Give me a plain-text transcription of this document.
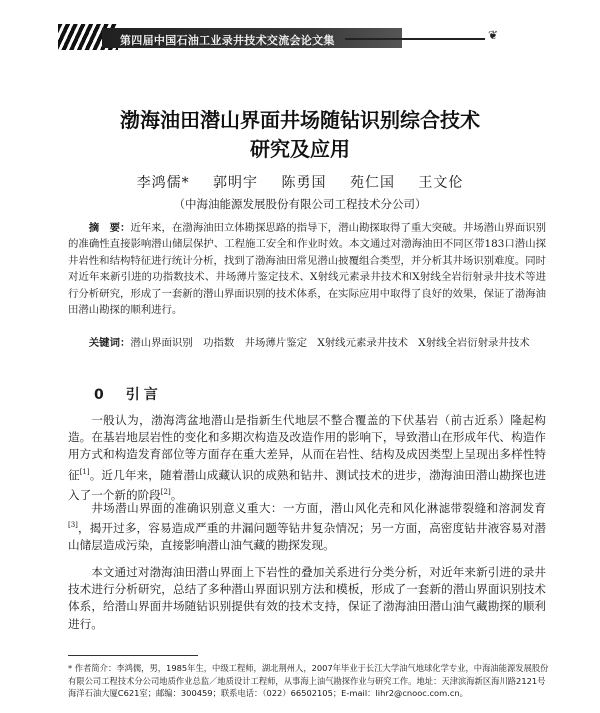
第四届中国石油工业录井技术交流会论文集	❦
渤海油田潜山界面井场随钻识别综合技术
研究及应用
李鸿儒* 郭明宇 陈勇国 苑仁国 王文伦
（中海油能源发展股份有限公司工程技术分公司）
摘　要：近年来，在渤海油田立体勘探思路的指导下，潜山勘探取得了重大突破。井场潜山界面识别的准确性直接影响潜山储层保护、工程施工安全和作业时效。本文通过对渤海油田不同区带183口潜山探井岩性和结构特征进行统计分析，找到了渤海油田常见潜山披覆组合类型，并分析其井场识别难度。同时对近年来新引进的功指数技术、井场薄片鉴定技术、X射线元素录井技术和X射线全岩衍射录井技术等进行分析研究，形成了一套新的潜山界面识别的技术体系，在实际应用中取得了良好的效果，保证了渤海油田潜山勘探的顺利进行。
关键词：潜山界面识别　功指数　井场薄片鉴定　X射线元素录井技术　X射线全岩衍射录井技术
0　 引言
一般认为，渤海湾盆地潜山是指新生代地层不整合覆盖的下伏基岩（前古近系）隆起构造。在基岩地层岩性的变化和多期次构造及改造作用的影响下，导致潜山在形成年代、构造作用方式和构造发育部位等方面存在重大差异，从而在岩性、结构及成因类型上呈现出多样性特征[1]。近几年来，随着潜山成藏认识的成熟和钻井、测试技术的进步，渤海油田潜山勘探也进入了一个新的阶段[2]。
井场潜山界面的准确识别意义重大：一方面，潜山风化壳和风化淋滤带裂缝和溶洞发育[3]，揭开过多，容易造成严重的井漏问题等钻井复杂情况；另一方面，高密度钻井液容易对潜山储层造成污染，直接影响潜山油气藏的勘探发现。
本文通过对渤海油田潜山界面上下岩性的叠加关系进行分类分析，对近年来新引进的录井技术进行分析研究，总结了多种潜山界面识别方法和模板，形成了一套新的潜山界面识别技术体系，给潜山界面井场随钻识别提供有效的技术支持，保证了渤海油田潜山油气藏勘探的顺利进行。
* 作者简介：李鸿儒，男，1985年生，中级工程师，湖北荆州人，2007年毕业于长江大学油气地球化学专业，中海油能源发展股份有限公司工程技术分公司地质作业总监／地质设计工程师，从事海上油气勘探作业与研究工作。地址：天津滨海新区海川路2121号海洋石油大厦C621室；邮编：300459；联系电话：（022）66502105；E-mail：lihr2@cnooc.com.cn。
